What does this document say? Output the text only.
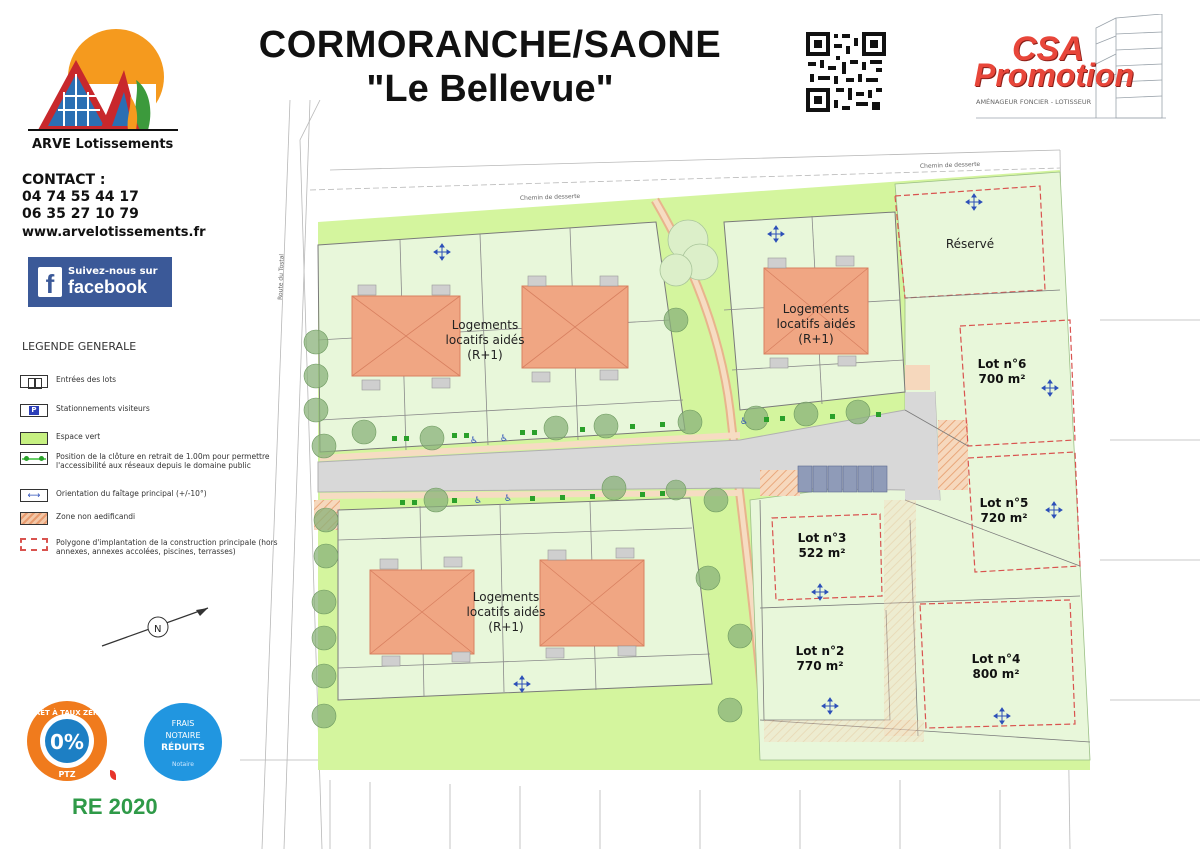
CORMORANCHE/SAONE
"Le Bellevue"
ARVE Lotissements
CONTACT :
04 74 55 44 17
06 35 27 10 79
www.arvelotissements.fr
f Suivez-nous sur
facebook
LEGENDE GENERALE
Entrées des lots
P	Stationnements visiteurs
Espace vert
Position de la clôture en retrait de 1.00m pour permettre l'accessibilité aux réseaux depuis le domaine public
⟷	Orientation du faîtage principal (+/-10°)
Zone non aedificandi
Polygone d'implantation de la construction principale (hors annexes, annexes accolées, piscines, terrasses)
N
PRÊT À TAUX ZÉRO
0%
PTZ
FRAIS
NOTAIRE
RÉDUITS
Notaire
RE 2020
CSA
Promotion
AMÉNAGEUR FONCIER - LOTISSEUR
Chemin de desserte
Chemin de desserte
Route du Tostal
♿ ♿
♿ ♿
♿
Logements
locatifs aidés
(R+1)
Logements
locatifs aidés
(R+1)
Logements
locatifs aidés
(R+1)
Réservé
Lot n°2
770 m²
Lot n°3
522 m²
Lot n°4
800 m²
Lot n°5
720 m²
Lot n°6
700 m²
